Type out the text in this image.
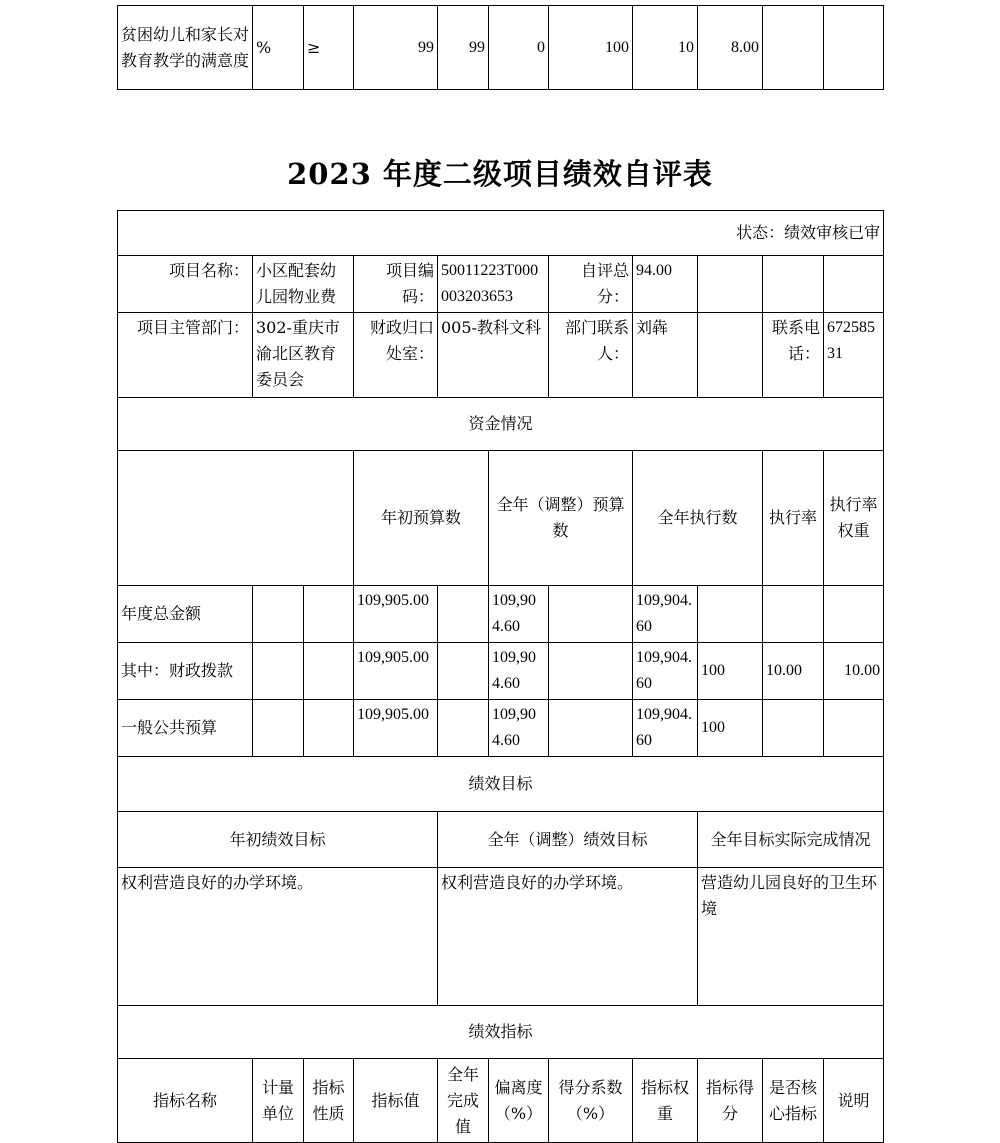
贫困幼儿和家长对教育教学的满意度	%	≥	99	99	0	100	10	8.00		
2023 年度二级项目绩效自评表
状态：绩效审核已审											
项目名称：	小区配套幼儿园物业费		项目编码：	50011223T000003203653		自评总分：	94.00				
项目主管部门：	302-重庆市渝北区教育委员会		财政归口处室：	005-教科文科		部门联系人：	刘犇		联系电话：	67258531	
资金情况											
			年初预算数		全年（调整）预算数		全年执行数		执行率	执行率权重	
年度总金额			109,905.00		109,904.60		109,904.60				
其中：财政拨款			109,905.00		109,904.60		109,904.60	100	10.00	10.00	
一般公共预算			109,905.00		109,904.60		109,904.60	100			
绩效目标											
年初绩效目标				全年（调整）绩效目标				全年目标实际完成情况			
权利营造良好的办学环境。				权利营造良好的办学环境。				营造幼儿园良好的卫生环境			
绩效指标											
指标名称	计量单位	指标性质	指标值	全年完成值	偏离度（%）	得分系数（%）	指标权重	指标得分	是否核心指标	说明	
